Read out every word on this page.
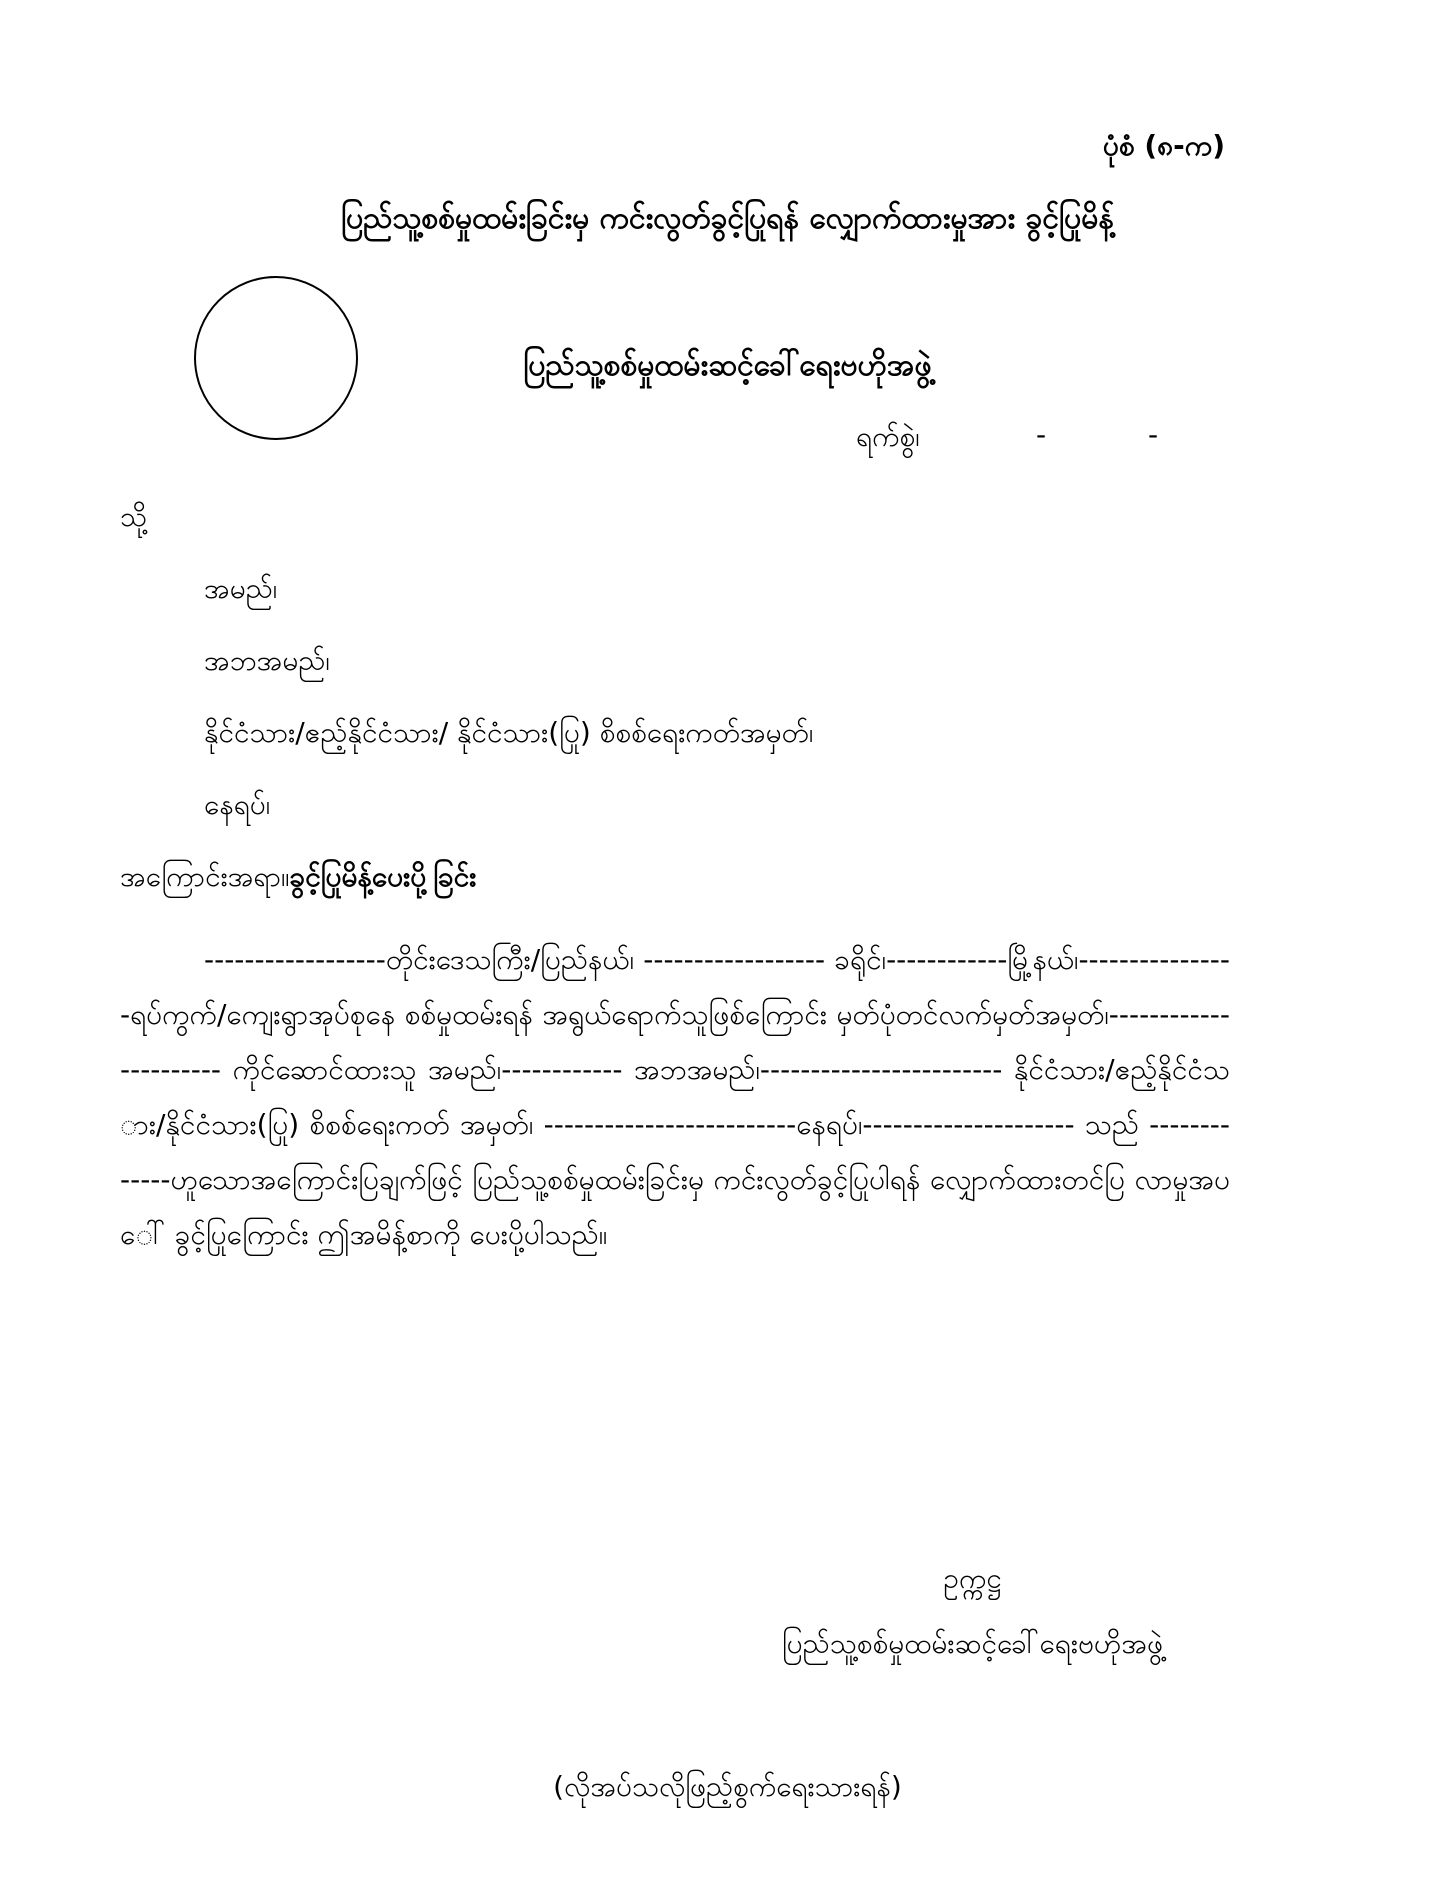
ပုံစံ (၈-က)
ပြည်သူ့စစ်မှုထမ်းခြင်းမှ ကင်းလွတ်ခွင့်ပြုရန် လျှောက်ထားမှုအား ခွင့်ပြုမိန့်
ပြည်သူ့စစ်မှုထမ်းဆင့်ခေါ်ရေးဗဟိုအဖွဲ့
ရက်စွဲ၊	-	-
သို့
အမည်၊
အဘအမည်၊
နိုင်ငံသား/ဧည့်နိုင်ငံသား/ နိုင်ငံသား(ပြု) စိစစ်ရေးကတ်အမှတ်၊
နေရပ်၊
အကြောင်းအရာ။ခွင့်ပြုမိန့်ပေးပို့ခြင်း
------------------တိုင်းဒေသကြီး/ပြည်နယ်၊ ------------------ ခရိုင်၊------------မြို့နယ်၊----------------ရပ်ကွက်/ကျေးရွာအုပ်စုနေ စစ်မှုထမ်းရန် အရွယ်ရောက်သူဖြစ်ကြောင်း မှတ်ပုံတင်လက်မှတ်အမှတ်၊---------------------- ကိုင်ဆောင်ထားသူ အမည်၊------------ အဘအမည်၊------------------------ နိုင်ငံသား/ဧည့်နိုင်ငံသား/နိုင်ငံသား(ပြု) စိစစ်ရေးကတ် အမှတ်၊ -------------------------နေရပ်၊--------------------- သည် -------------ဟူသောအကြောင်းပြချက်ဖြင့် ပြည်သူ့စစ်မှုထမ်းခြင်းမှ ကင်းလွတ်ခွင့်ပြုပါရန် လျှောက်ထားတင်ပြ လာမှုအပေါ် ခွင့်ပြုကြောင်း ဤအမိန့်စာကို ပေးပို့ပါသည်။
ဥက္ကဋ္ဌ
ပြည်သူ့စစ်မှုထမ်းဆင့်ခေါ်ရေးဗဟိုအဖွဲ့
(လိုအပ်သလိုဖြည့်စွက်ရေးသားရန်)
